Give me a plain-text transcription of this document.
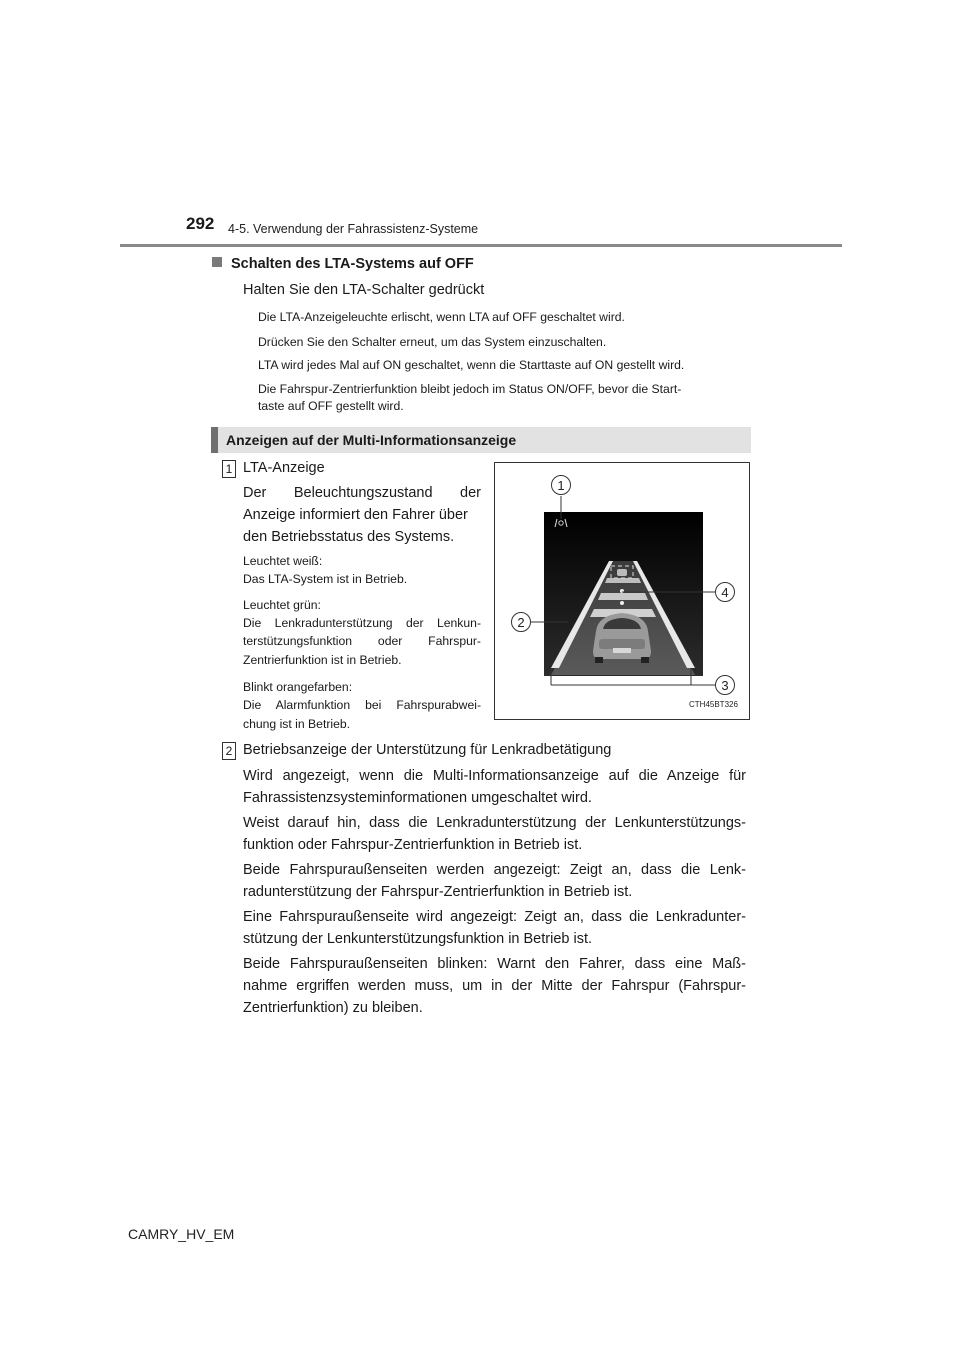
292 4-5. Verwendung der Fahrassistenz-Systeme
Schalten des LTA-Systems auf OFF
Halten Sie den LTA-Schalter gedrückt
Die LTA-Anzeigeleuchte erlischt, wenn LTA auf OFF geschaltet wird.
Drücken Sie den Schalter erneut, um das System einzuschalten.
LTA wird jedes Mal auf ON geschaltet, wenn die Starttaste auf ON gestellt wird.
Die Fahrspur-Zentrierfunktion bleibt jedoch im Status ON/OFF, bevor die Start-
taste auf OFF gestellt wird.
Anzeigen auf der Multi-Informationsanzeige
1 LTA-Anzeige
Der Beleuchtungszustand der
Anzeige informiert den Fahrer über
den Betriebsstatus des Systems.
Leuchtet weiß:
Das LTA-System ist in Betrieb.
Leuchtet grün:
Die Lenkradunterstützung der Lenkun-
terstützungsfunktion oder Fahrspur-
Zentrierfunktion ist in Betrieb.
Blinkt orangefarben:
Die Alarmfunktion bei Fahrspurabwei-
chung ist in Betrieb.
1
2
3
4
CTH45BT326
2 Betriebsanzeige der Unterstützung für Lenkradbetätigung
Wird angezeigt, wenn die Multi-Informationsanzeige auf die Anzeige für
Fahrassistenzsysteminformationen umgeschaltet wird.
Weist darauf hin, dass die Lenkradunterstützung der Lenkunterstützungs-
funktion oder Fahrspur-Zentrierfunktion in Betrieb ist.
Beide Fahrspuraußenseiten werden angezeigt: Zeigt an, dass die Lenk-
radunterstützung der Fahrspur-Zentrierfunktion in Betrieb ist.
Eine Fahrspuraußenseite wird angezeigt: Zeigt an, dass die Lenkradunter-
stützung der Lenkunterstützungsfunktion in Betrieb ist.
Beide Fahrspuraußenseiten blinken: Warnt den Fahrer, dass eine Maß-
nahme ergriffen werden muss, um in der Mitte der Fahrspur (Fahrspur-
Zentrierfunktion) zu bleiben.
CAMRY_HV_EM
